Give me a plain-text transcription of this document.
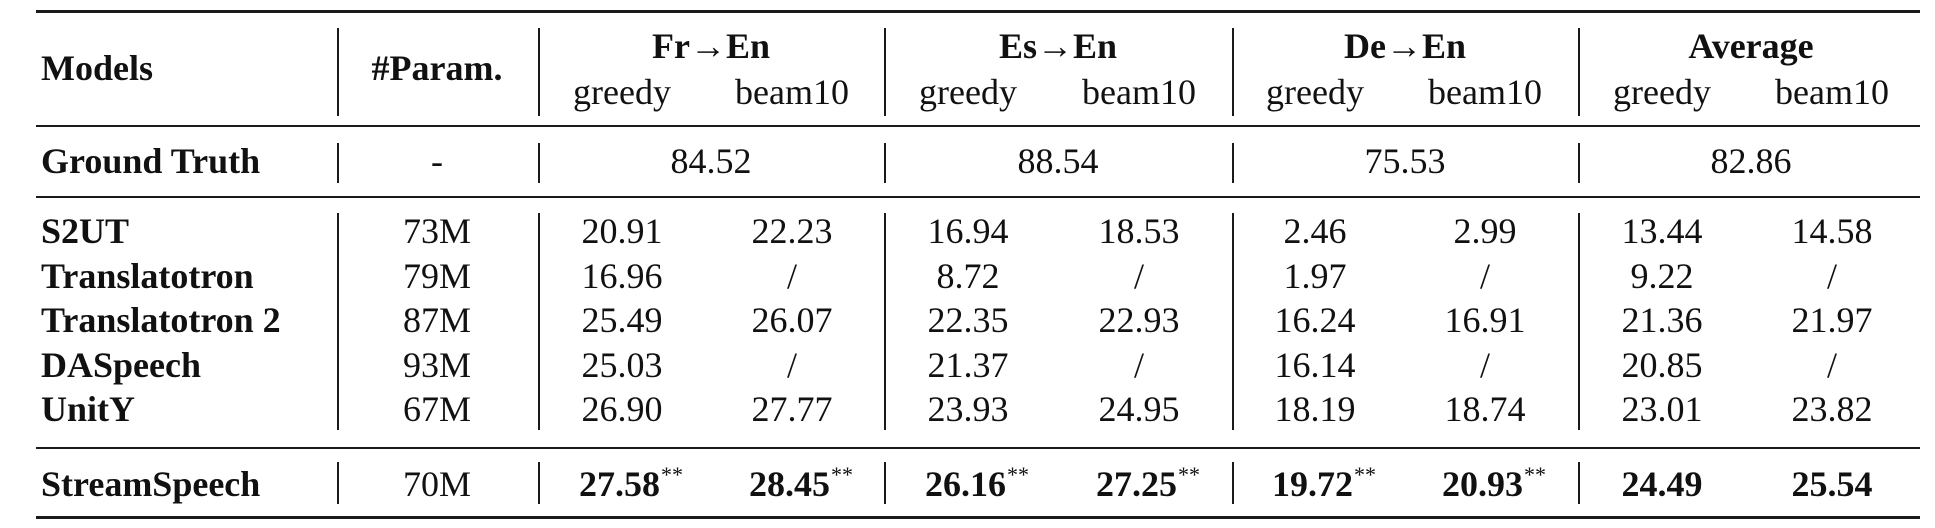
Models	#Param.
Fr→En	Es→En	De→En	Average
greedy beam10 greedy beam10 greedy beam10 greedy beam10
Ground Truth	-	84.52	88.54	75.53	82.86
S2UT	73M	20.91 22.23	16.94	18.53	2.46	2.99	13.44 14.58
Translatotron	79M	16.96	/	8.72	/	1.97	/	9.22	/
Translatotron 2	87M	25.49 26.07	22.35	22.93	16.24 16.91	21.36 21.97
DASpeech	93M	25.03	/	21.37	/	16.14	/	20.85	/
UnitY	67M	26.90 27.77	23.93	24.95	18.19 18.74	23.01 23.82
StreamSpeech	70M	27.58** 28.45** 26.16** 27.25** 19.72** 20.93** 24.49 25.54
